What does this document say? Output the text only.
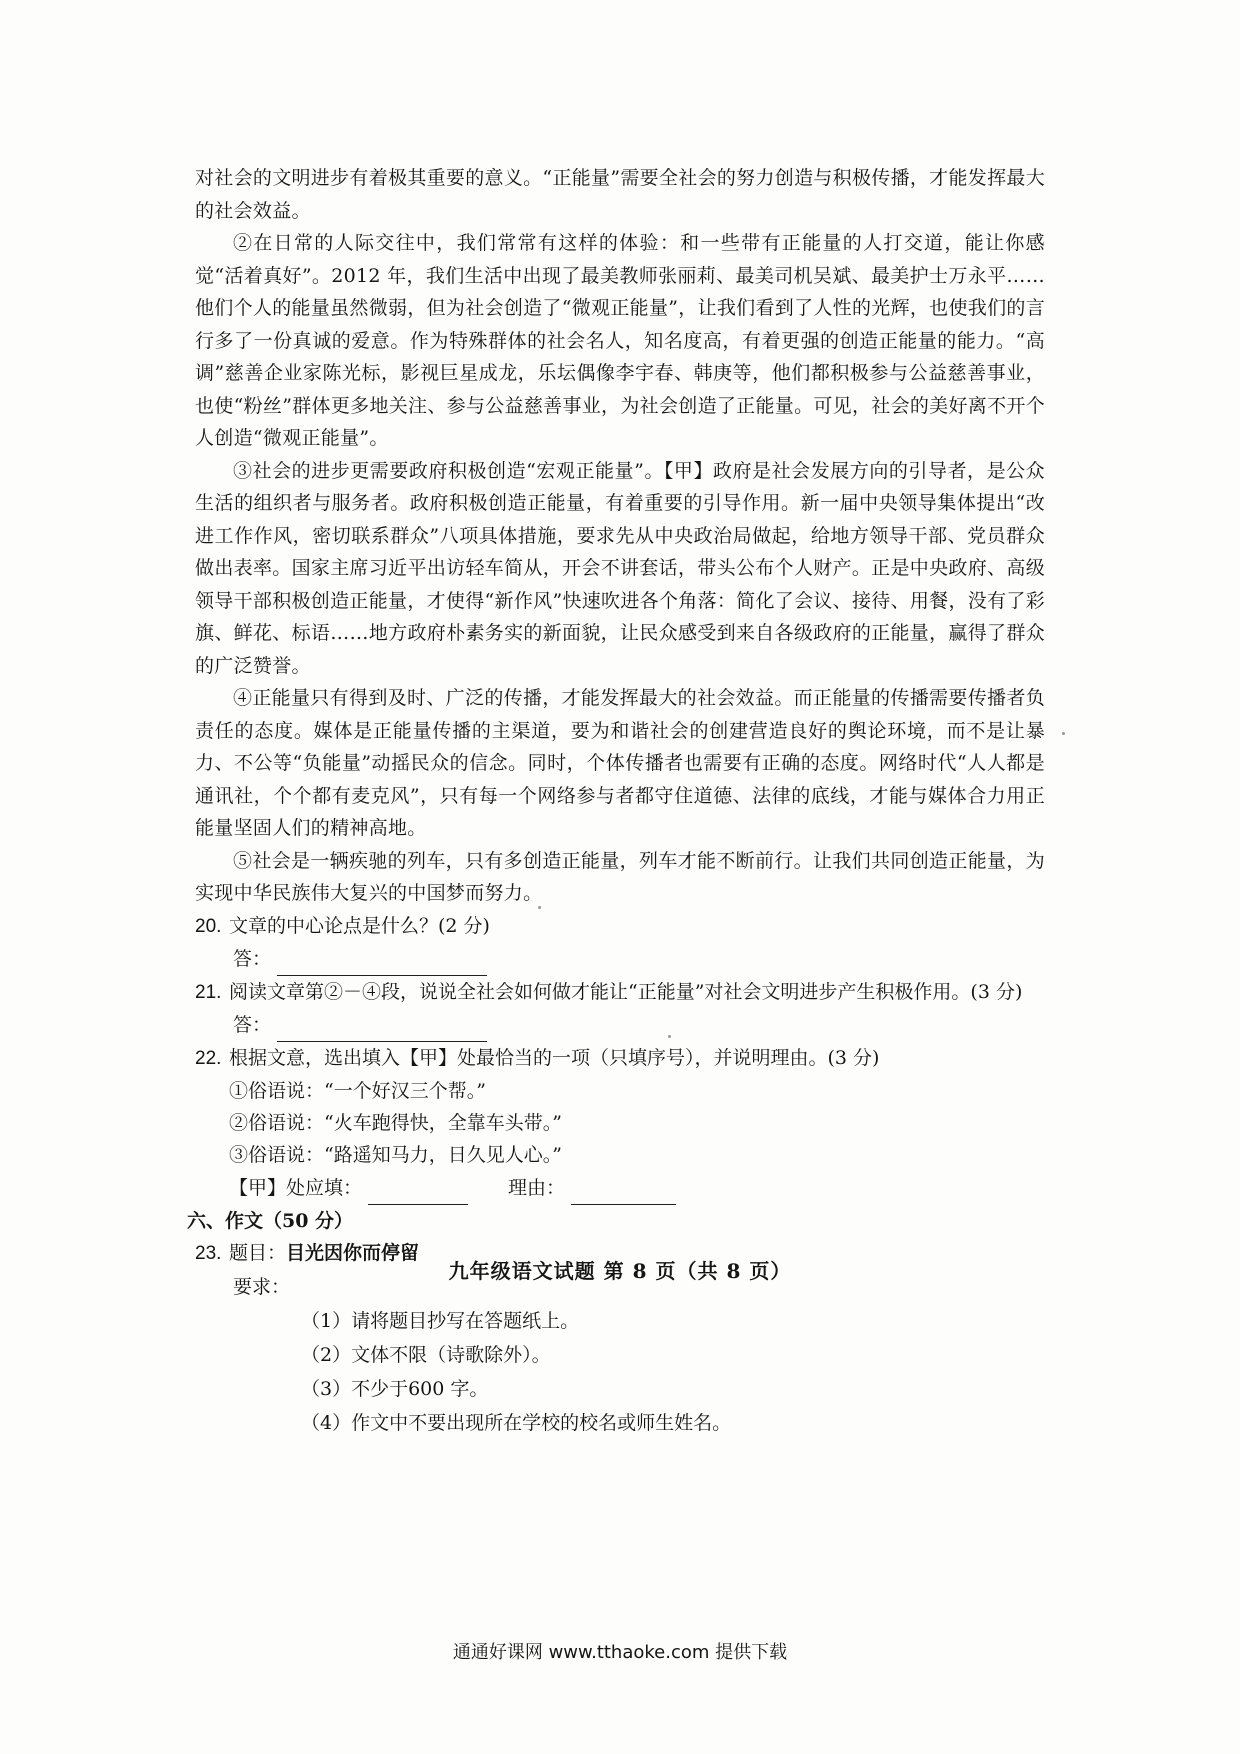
对社会的文明进步有着极其重要的意义。“正能量”需要全社会的努力创造与积极传播，才能发挥最大的社会效益。

②在日常的人际交往中，我们常常有这样的体验：和一些带有正能量的人打交道，能让你感觉“活着真好”。2012 年，我们生活中出现了最美教师张丽莉、最美司机吴斌、最美护士万永平……他们个人的能量虽然微弱，但为社会创造了“微观正能量”，让我们看到了人性的光辉，也使我们的言行多了一份真诚的爱意。作为特殊群体的社会名人，知名度高，有着更强的创造正能量的能力。“高调”慈善企业家陈光标，影视巨星成龙，乐坛偶像李宇春、韩庚等，他们都积极参与公益慈善事业，也使“粉丝”群体更多地关注、参与公益慈善事业，为社会创造了正能量。可见，社会的美好离不开个人创造“微观正能量”。

③社会的进步更需要政府积极创造“宏观正能量”。【甲】政府是社会发展方向的引导者，是公众生活的组织者与服务者。政府积极创造正能量，有着重要的引导作用。新一届中央领导集体提出“改进工作作风，密切联系群众”八项具体措施，要求先从中央政治局做起，给地方领导干部、党员群众做出表率。国家主席习近平出访轻车简从，开会不讲套话，带头公布个人财产。正是中央政府、高级领导干部积极创造正能量，才使得“新作风”快速吹进各个角落：简化了会议、接待、用餐，没有了彩旗、鲜花、标语……地方政府朴素务实的新面貌，让民众感受到来自各级政府的正能量，赢得了群众的广泛赞誉。

④正能量只有得到及时、广泛的传播，才能发挥最大的社会效益。而正能量的传播需要传播者负责任的态度。媒体是正能量传播的主渠道，要为和谐社会的创建营造良好的舆论环境，而不是让暴力、不公等“负能量”动摇民众的信念。同时，个体传播者也需要有正确的态度。网络时代“人人都是通讯社，个个都有麦克风”，只有每一个网络参与者都守住道德、法律的底线，才能与媒体合力用正能量坚固人们的精神高地。

⑤社会是一辆疾驰的列车，只有多创造正能量，列车才能不断前行。让我们共同创造正能量，为实现中华民族伟大复兴的中国梦而努力。

20. 文章的中心论点是什么？(2 分)
答：
21. 阅读文章第②－④段，说说全社会如何做才能让“正能量”对社会文明进步产生积极作用。(3 分)
答：
22. 根据文意，选出填入【甲】处最恰当的一项（只填序号），并说明理由。(3 分)

①俗语说：“一个好汉三个帮。”

②俗语说：“火车跑得快，全靠车头带。”

③俗语说：“路遥知马力，日久见人心。”

【甲】处应填：	理由：

六、作文（50 分）

23. 题目：目光因你而停留

要求：

（1）请将题目抄写在答题纸上。

（2）文体不限（诗歌除外）。

（3）不少于600 字。

（4）作文中不要出现所在学校的校名或师生姓名。

九年级语文试题 第 8 页（共 8 页）
通通好课网 www.tthaoke.com 提供下载
